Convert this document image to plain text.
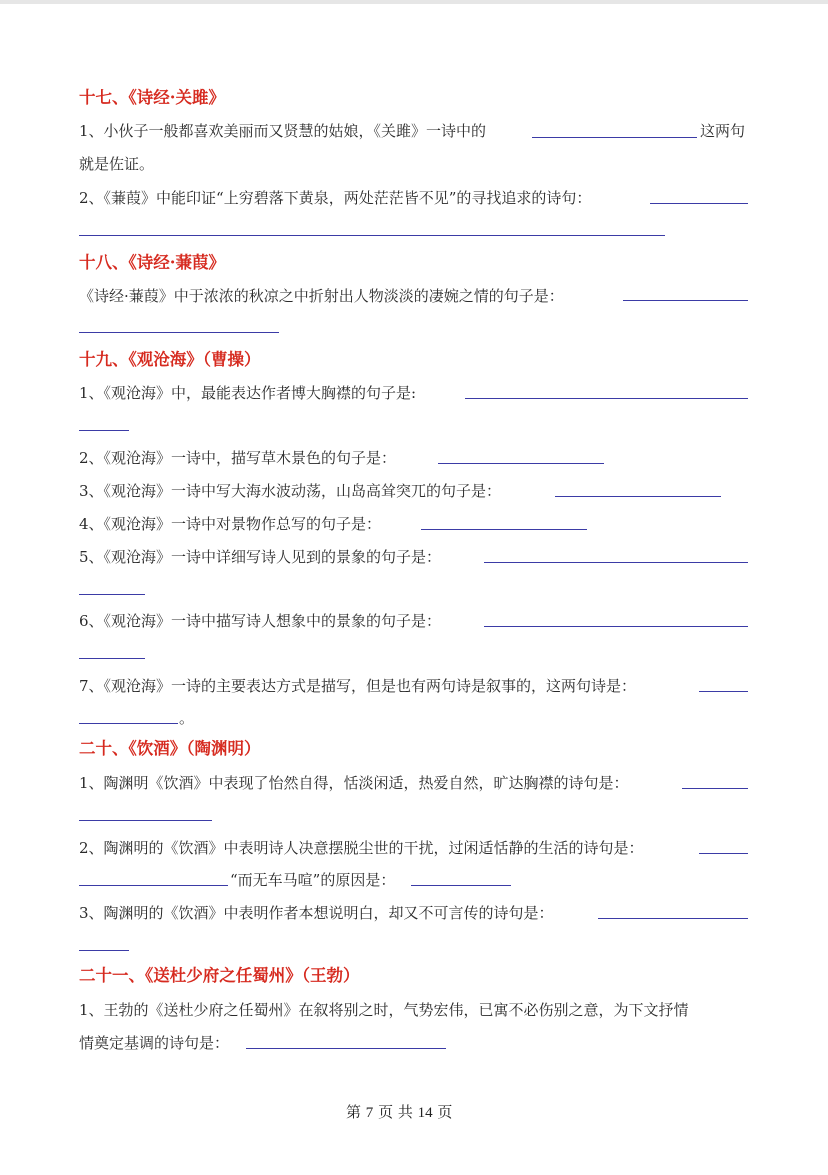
十七、《诗经·关雎》
1、小伙子一般都喜欢美丽而又贤慧的姑娘，《关雎》一诗中的	这两句
就是佐证。
2、《蒹葭》中能印证“上穷碧落下黄泉，两处茫茫皆不见”的寻找追求的诗句：
十八、《诗经·蒹葭》
《诗经·蒹葭》中于浓浓的秋凉之中折射出人物淡淡的凄婉之情的句子是：
十九、《观沧海》（曹操）
1、《观沧海》中，最能表达作者博大胸襟的句子是:
2、《观沧海》一诗中，描写草木景色的句子是：
3、《观沧海》一诗中写大海水波动荡，山岛高耸突兀的句子是：
4、《观沧海》一诗中对景物作总写的句子是：
5、《观沧海》一诗中详细写诗人见到的景象的句子是：
6、《观沧海》一诗中描写诗人想象中的景象的句子是：
7、《观沧海》一诗的主要表达方式是描写，但是也有两句诗是叙事的，这两句诗是：
。
二十、《饮酒》（陶渊明）
1、陶渊明《饮酒》中表现了怡然自得，恬淡闲适，热爱自然，旷达胸襟的诗句是：
2、陶渊明的《饮酒》中表明诗人决意摆脱尘世的干扰，过闲适恬静的生活的诗句是：
“而无车马喧”的原因是：
3、陶渊明的《饮酒》中表明作者本想说明白，却又不可言传的诗句是：
二十一、《送杜少府之任蜀州》（王勃）
1、王勃的《送杜少府之任蜀州》在叙将别之时，气势宏伟，已寓不必伤别之意，为下文抒情
情奠定基调的诗句是：
第 7 页 共 14 页
